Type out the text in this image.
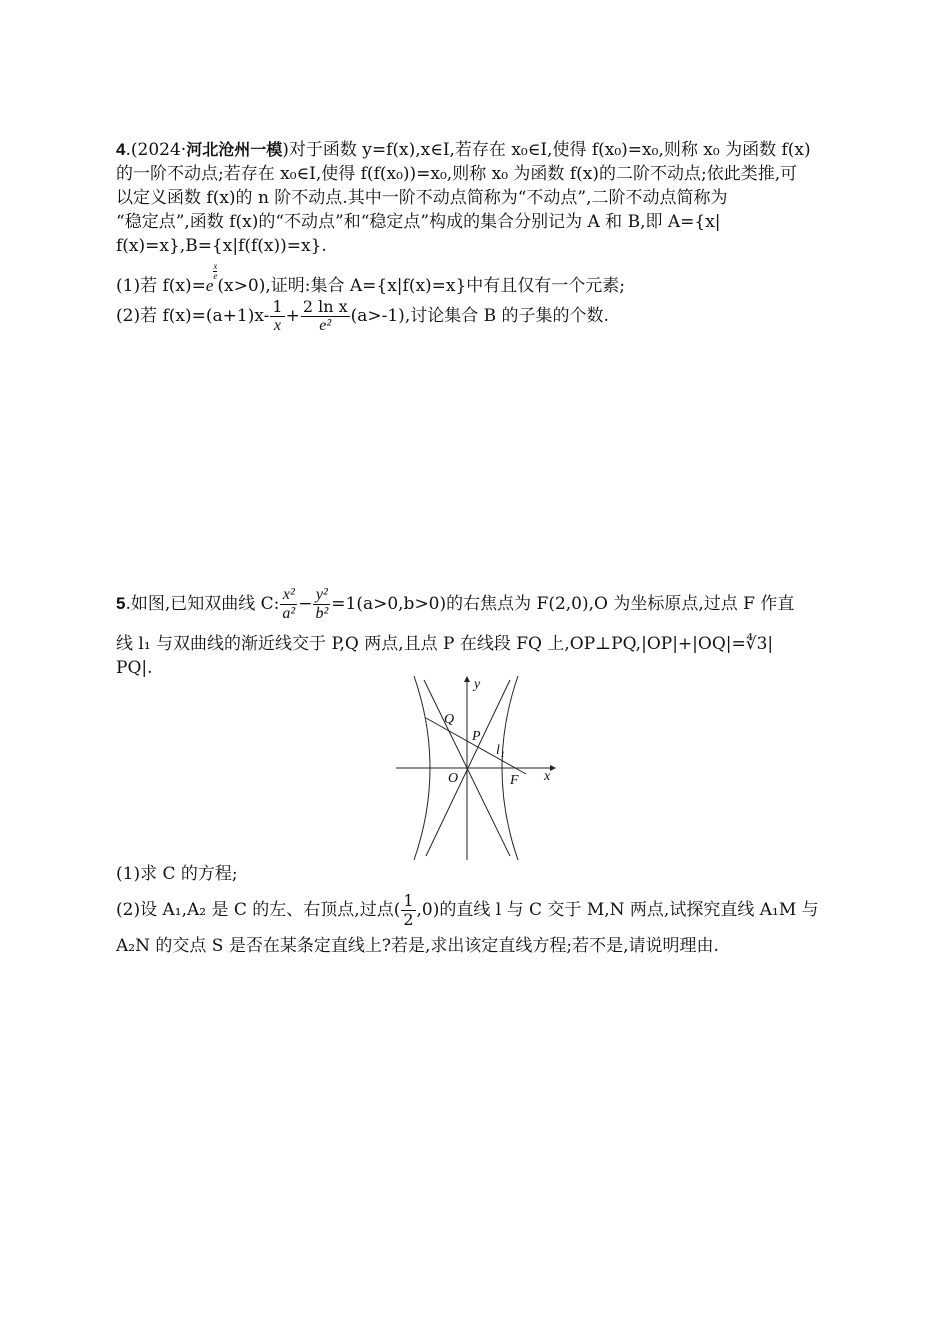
4.(2024·河北沧州一模)对于函数 y=f(x),x∈I,若存在 x₀∈I,使得 f(x₀)=x₀,则称 x₀ 为函数 f(x)
的一阶不动点;若存在 x₀∈I,使得 f(f(x₀))=x₀,则称 x₀ 为函数 f(x)的二阶不动点;依此类推,可
以定义函数 f(x)的 n 阶不动点.其中一阶不动点简称为“不动点”,二阶不动点简称为
“稳定点”,函数 f(x)的“不动点”和“稳定点”构成的集合分别记为 A 和 B,即 A={x|
f(x)=x},B={x|f(f(x))=x}.
(1)若 f(x)=e
$\frac{x}{e}$
(x>0),证明:集合 A={x|f(x)=x}中有且仅有一个元素;
(2)若 $f(x)=(a+1)x- \frac{1}{x} + \frac{\text{2 ln x}}{\text{e²}} (a>-1)$,讨论集合 B 的子集的个数.
5.如图,已知双曲线 C: $\frac{\text{x²}}{\text{a²}} - \frac{\text{y²}}{\text{b²}} =1(a>0,b>0)$的右焦点为 F(2,0),O 为坐标原点,过点 F 作直
线 l₁ 与双曲线的渐近线交于 P,Q 两点,且点 P 在线段 FQ 上,OP⊥PQ,|OP|+|OQ|=∜3|
PQ|.
y
x
O	F
P
Q
l₁
(1)求 C 的方程;
(2)设 A₁,A₂ 是 C 的左、右顶点,过点( $\frac{1}{2} ,0$)的直线 l 与 C 交于 M,N 两点,试探究直线 A₁M 与
A₂N 的交点 S 是否在某条定直线上?若是,求出该定直线方程;若不是,请说明理由.
